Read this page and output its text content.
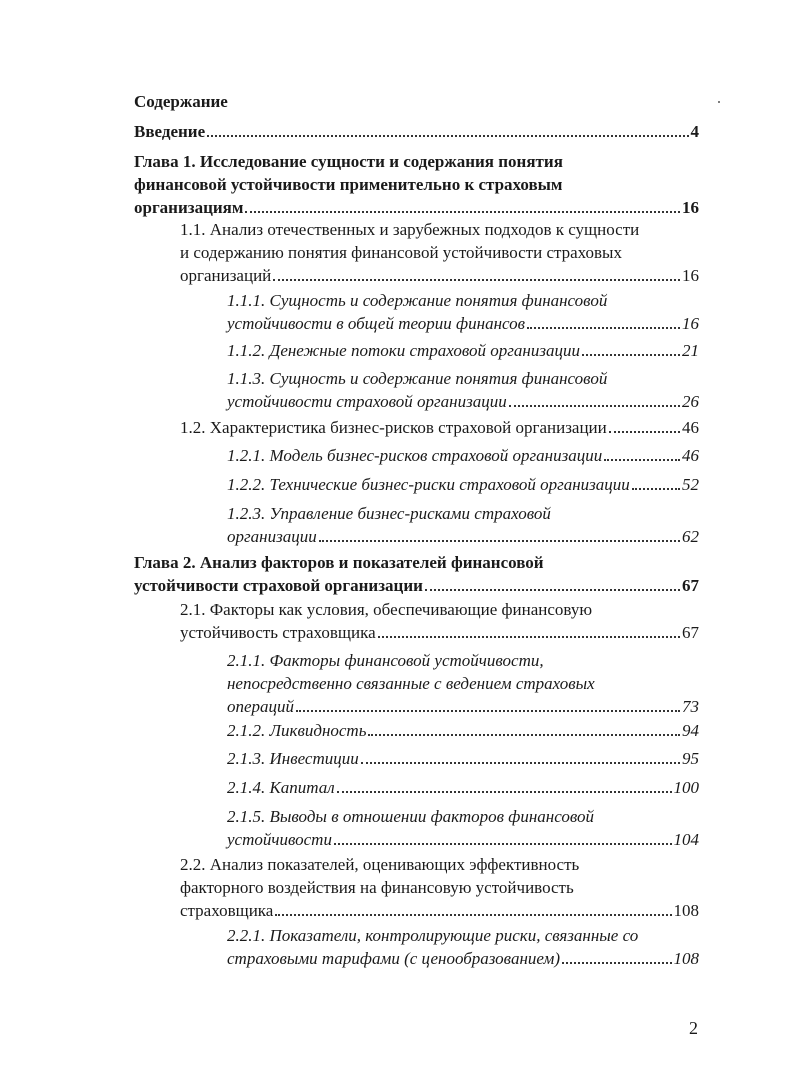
Содержание
Введение	4
Глава 1. Исследование сущности и содержания понятия
финансовой устойчивости применительно к страховым
организациям	16
1.1. Анализ отечественных и зарубежных подходов к сущности
и содержанию понятия финансовой устойчивости страховых
организаций	16
1.1.1. Сущность и содержание понятия финансовой
устойчивости в общей теории финансов	16
1.1.2. Денежные потоки страховой организации	21
1.1.3. Сущность и содержание понятия финансовой
устойчивости страховой организации	26
1.2. Характеристика бизнес-рисков страховой организации	46
1.2.1. Модель бизнес-рисков страховой организации	46
1.2.2. Технические бизнес-риски страховой организации	52
1.2.3. Управление бизнес-рисками страховой
организации	62
Глава 2. Анализ факторов и показателей финансовой
устойчивости страховой организации	67
2.1. Факторы как условия, обеспечивающие финансовую
устойчивость страховщика	67
2.1.1. Факторы финансовой устойчивости,
непосредственно связанные с ведением страховых
операций	73
2.1.2. Ликвидность	94
2.1.3. Инвестиции	95
2.1.4. Капитал	100
2.1.5. Выводы в отношении факторов финансовой
устойчивости	104
2.2. Анализ показателей, оценивающих эффективность
факторного воздействия на финансовую устойчивость
страховщика	108
2.2.1. Показатели, контролирующие риски, связанные со
страховыми тарифами (с ценообразованием)	108
2
